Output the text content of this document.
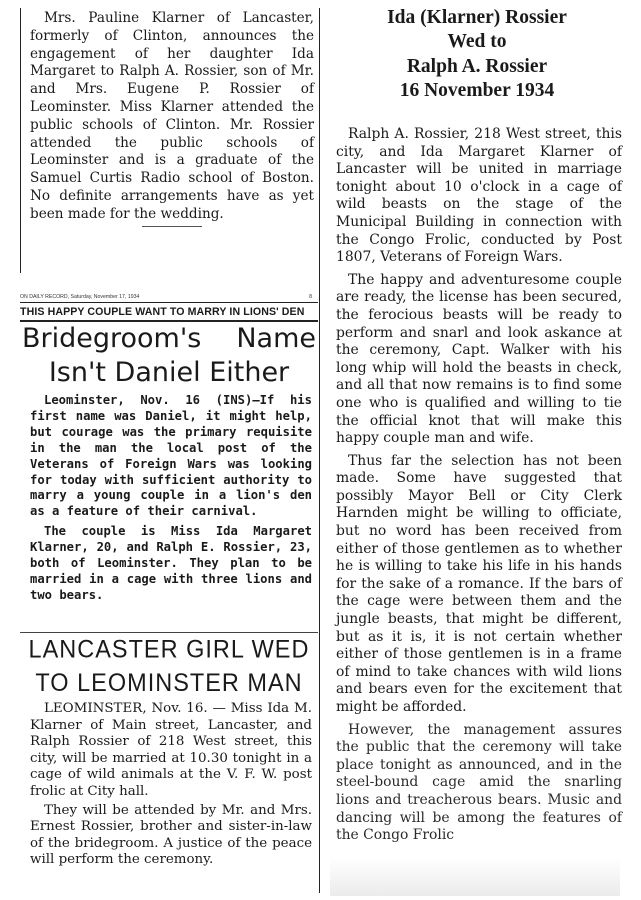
Mrs. Pauline Klarner of Lancaster, formerly of Clinton, announces the engagement of her daughter Ida Margaret to Ralph A. Rossier, son of Mr. and Mrs. Eugene P. Rossier of Leominster. Miss Klarner attended the public schools of Clinton. Mr. Rossier attended the public schools of Leominster and is a graduate of the Samuel Curtis Radio school of Boston. No definite arrangements have as yet been made for the wedding.
ON DAILY RECORD, Saturday, November 17, 1934	8
THIS HAPPY COUPLE WANT TO MARRY IN LIONS' DEN
Bridegroom's Name
Isn't Daniel Either

Leominster, Nov. 16 (INS)—If his first name was Daniel, it might help, but courage was the primary requisite in the man the local post of the Veterans of Foreign Wars was looking for today with sufficient authority to marry a young couple in a lion's den as a feature of their carnival.

The couple is Miss Ida Margaret Klarner, 20, and Ralph E. Rossier, 23, both of Leominster. They plan to be married in a cage with three lions and two bears.

LANCASTER GIRL WED
TO LEOMINSTER MAN

LEOMINSTER, Nov. 16. — Miss Ida M. Klarner of Main street, Lancaster, and Ralph Rossier of 218 West street, this city, will be married at 10.30 tonight in a cage of wild animals at the V. F. W. post frolic at City hall.

They will be attended by Mr. and Mrs. Ernest Rossier, brother and sister-in-law of the bridegroom. A justice of the peace will perform the ceremony.

Ida (Klarner) Rossier
Wed to
Ralph A. Rossier
16 November 1934

Ralph A. Rossier, 218 West street, this city, and Ida Margaret Klarner of Lancaster will be united in marriage tonight about 10 o'clock in a cage of wild beasts on the stage of the Municipal Building in connection with the Congo Frolic, conducted by Post 1807, Veterans of Foreign Wars.

The happy and adventuresome couple are ready, the license has been secured, the ferocious beasts will be ready to perform and snarl and look askance at the ceremony, Capt. Walker with his long whip will hold the beasts in check, and all that now remains is to find some one who is qualified and willing to tie the official knot that will make this happy couple man and wife.

Thus far the selection has not been made. Some have suggested that possibly Mayor Bell or City Clerk Harnden might be willing to officiate, but no word has been received from either of those gentlemen as to whether he is willing to take his life in his hands for the sake of a romance. If the bars of the cage were between them and the jungle beasts, that might be different, but as it is, it is not certain whether either of those gentlemen is in a frame of mind to take chances with wild lions and bears even for the excitement that might be afforded.

However, the management assures the public that the ceremony will take place tonight as announced, and in the steel-bound cage amid the snarling lions and treacherous bears. Music and dancing will be among the features of the Congo Frolic
